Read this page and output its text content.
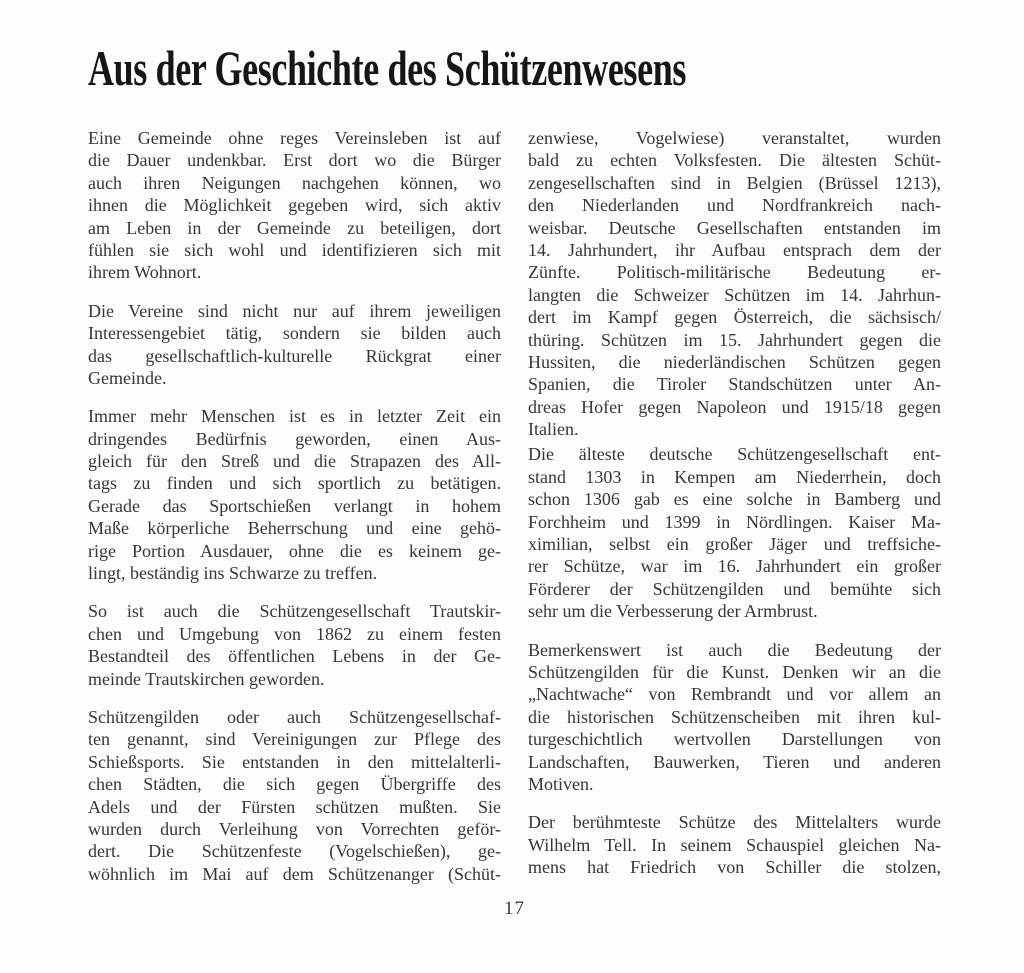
Aus der Geschichte des Schützenwesens
Eine Gemeinde ohne reges Vereinsleben ist auf
die Dauer undenkbar. Erst dort wo die Bürger
auch ihren Neigungen nachgehen können, wo
ihnen die Möglichkeit gegeben wird, sich aktiv
am Leben in der Gemeinde zu beteiligen, dort
fühlen sie sich wohl und identifizieren sich mit
ihrem Wohnort.
Die Vereine sind nicht nur auf ihrem jeweiligen
Interessengebiet tätig, sondern sie bilden auch
das gesellschaftlich-kulturelle Rückgrat einer
Gemeinde.
Immer mehr Menschen ist es in letzter Zeit ein
dringendes Bedürfnis geworden, einen Aus-
gleich für den Streß und die Strapazen des All-
tags zu finden und sich sportlich zu betätigen.
Gerade das Sportschießen verlangt in hohem
Maße körperliche Beherrschung und eine gehö-
rige Portion Ausdauer, ohne die es keinem ge-
lingt, beständig ins Schwarze zu treffen.
So ist auch die Schützengesellschaft Trautskir-
chen und Umgebung von 1862 zu einem festen
Bestandteil des öffentlichen Lebens in der Ge-
meinde Trautskirchen geworden.
Schützengilden oder auch Schützengesellschaf-
ten genannt, sind Vereinigungen zur Pflege des
Schießsports. Sie entstanden in den mittelalterli-
chen Städten, die sich gegen Übergriffe des
Adels und der Fürsten schützen mußten. Sie
wurden durch Verleihung von Vorrechten geför-
dert. Die Schützenfeste (Vogelschießen), ge-
wöhnlich im Mai auf dem Schützenanger (Schüt-
zenwiese, Vogelwiese) veranstaltet, wurden
bald zu echten Volksfesten. Die ältesten Schüt-
zengesellschaften sind in Belgien (Brüssel 1213),
den Niederlanden und Nordfrankreich nach-
weisbar. Deutsche Gesellschaften entstanden im
14. Jahrhundert, ihr Aufbau entsprach dem der
Zünfte. Politisch-militärische Bedeutung er-
langten die Schweizer Schützen im 14. Jahrhun-
dert im Kampf gegen Österreich, die sächsisch/
thüring. Schützen im 15. Jahrhundert gegen die
Hussiten, die niederländischen Schützen gegen
Spanien, die Tiroler Standschützen unter An-
dreas Hofer gegen Napoleon und 1915/18 gegen
Italien.
Die älteste deutsche Schützengesellschaft ent-
stand 1303 in Kempen am Niederrhein, doch
schon 1306 gab es eine solche in Bamberg und
Forchheim und 1399 in Nördlingen. Kaiser Ma-
ximilian, selbst ein großer Jäger und treffsiche-
rer Schütze, war im 16. Jahrhundert ein großer
Förderer der Schützengilden und bemühte sich
sehr um die Verbesserung der Armbrust.
Bemerkenswert ist auch die Bedeutung der
Schützengilden für die Kunst. Denken wir an die
„Nachtwache“ von Rembrandt und vor allem an
die historischen Schützenscheiben mit ihren kul-
turgeschichtlich wertvollen Darstellungen von
Landschaften, Bauwerken, Tieren und anderen
Motiven.
Der berühmteste Schütze des Mittelalters wurde
Wilhelm Tell. In seinem Schauspiel gleichen Na-
mens hat Friedrich von Schiller die stolzen,
17
